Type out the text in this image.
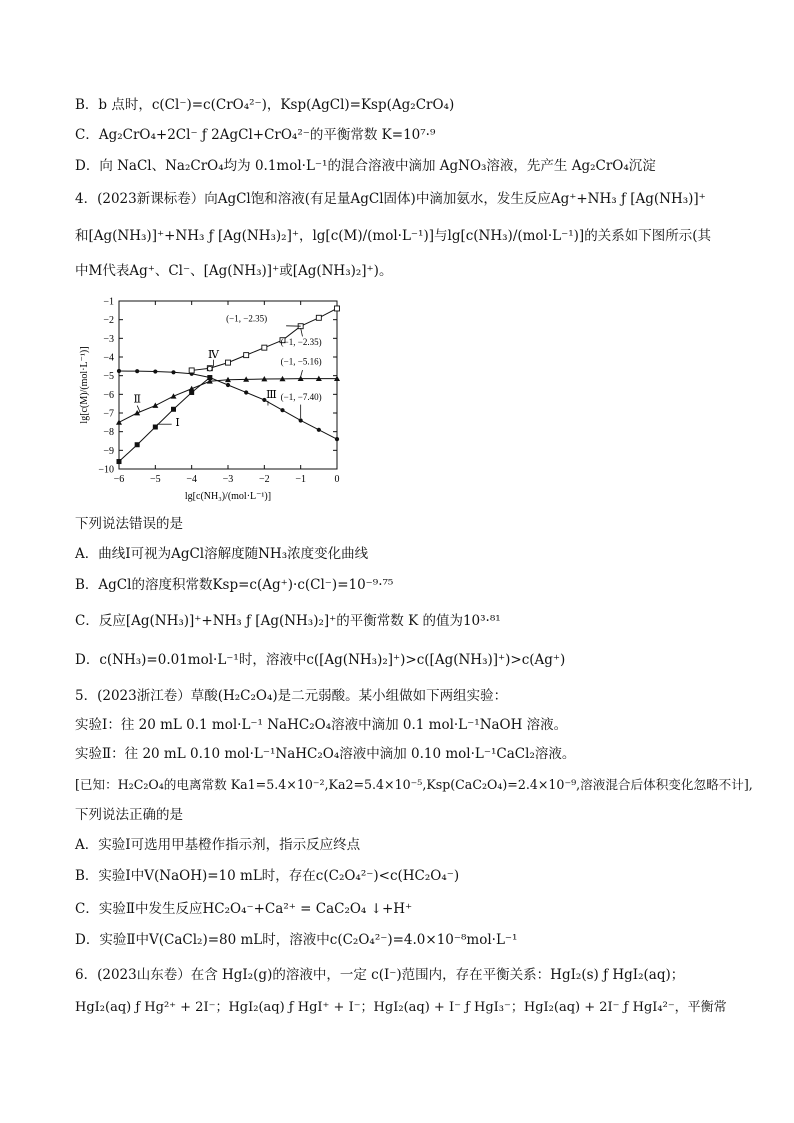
B．b 点时，c(Cl⁻)=c(CrO₄²⁻)，Ksp(AgCl)=Ksp(Ag₂CrO₄)
C．Ag₂CrO₄+2Cl⁻ ƒ 2AgCl+CrO₄²⁻的平衡常数 K=10⁷·⁹
D．向 NaCl、Na₂CrO₄均为 0.1mol·L⁻¹的混合溶液中滴加 AgNO₃溶液，先产生 Ag₂CrO₄沉淀
4．(2023新课标卷）向AgCl饱和溶液(有足量AgCl固体)中滴加氨水，发生反应Ag⁺+NH₃ ƒ [Ag(NH₃)]⁺
和[Ag(NH₃)]⁺+NH₃ ƒ [Ag(NH₃)₂]⁺，lg[c(M)/(mol·L⁻¹)]与lg[c(NH₃)/(mol·L⁻¹)]的关系如下图所示(其
中M代表Ag⁺、Cl⁻、[Ag(NH₃)]⁺或[Ag(NH₃)₂]⁺)。
−6	−5	−4	−3	−2	−1	0
−1
−2
−3
−4
−5
−6
−7
−8
−9
−10
(−1, −2.35)
(−1, −2.35)
(−1, −5.16)
(−1, −7.40)
Ⅰ
Ⅱ	Ⅲ
Ⅳ
lg[c(M)/(mol·L⁻¹)]
lg[c(NH₃)/(mol·L⁻¹)]
下列说法错误的是
A．曲线Ⅰ可视为AgCl溶解度随NH₃浓度变化曲线
B．AgCl的溶度积常数Ksp=c(Ag⁺)·c(Cl⁻)=10⁻⁹·⁷⁵
C．反应[Ag(NH₃)]⁺+NH₃ ƒ [Ag(NH₃)₂]⁺的平衡常数 K 的值为10³·⁸¹
D．c(NH₃)=0.01mol·L⁻¹时，溶液中c([Ag(NH₃)₂]⁺)>c([Ag(NH₃)]⁺)>c(Ag⁺)
5．(2023浙江卷）草酸(H₂C₂O₄)是二元弱酸。某小组做如下两组实验：
实验Ⅰ：往 20 mL 0.1 mol·L⁻¹ NaHC₂O₄溶液中滴加 0.1 mol·L⁻¹NaOH 溶液。
实验Ⅱ：往 20 mL 0.10 mol·L⁻¹NaHC₂O₄溶液中滴加 0.10 mol·L⁻¹CaCl₂溶液。
[已知：H₂C₂O₄的电离常数 Ka1=5.4×10⁻²,Ka2=5.4×10⁻⁵,Ksp(CaC₂O₄)=2.4×10⁻⁹,溶液混合后体积变化忽略不计],
下列说法正确的是
A．实验Ⅰ可选用甲基橙作指示剂，指示反应终点
B．实验Ⅰ中V(NaOH)=10 mL时，存在c(C₂O₄²⁻)<c(HC₂O₄⁻)
C．实验Ⅱ中发生反应HC₂O₄⁻+Ca²⁺ = CaC₂O₄ ↓+H⁺
D．实验Ⅱ中V(CaCl₂)=80 mL时，溶液中c(C₂O₄²⁻)=4.0×10⁻⁸mol·L⁻¹
6．(2023山东卷）在含 HgI₂(g)的溶液中，一定 c(I⁻)范围内，存在平衡关系：HgI₂(s) ƒ HgI₂(aq)；
HgI₂(aq) ƒ Hg²⁺ + 2I⁻；HgI₂(aq) ƒ HgI⁺ + I⁻；HgI₂(aq) + I⁻ ƒ HgI₃⁻；HgI₂(aq) + 2I⁻ ƒ HgI₄²⁻，平衡常
